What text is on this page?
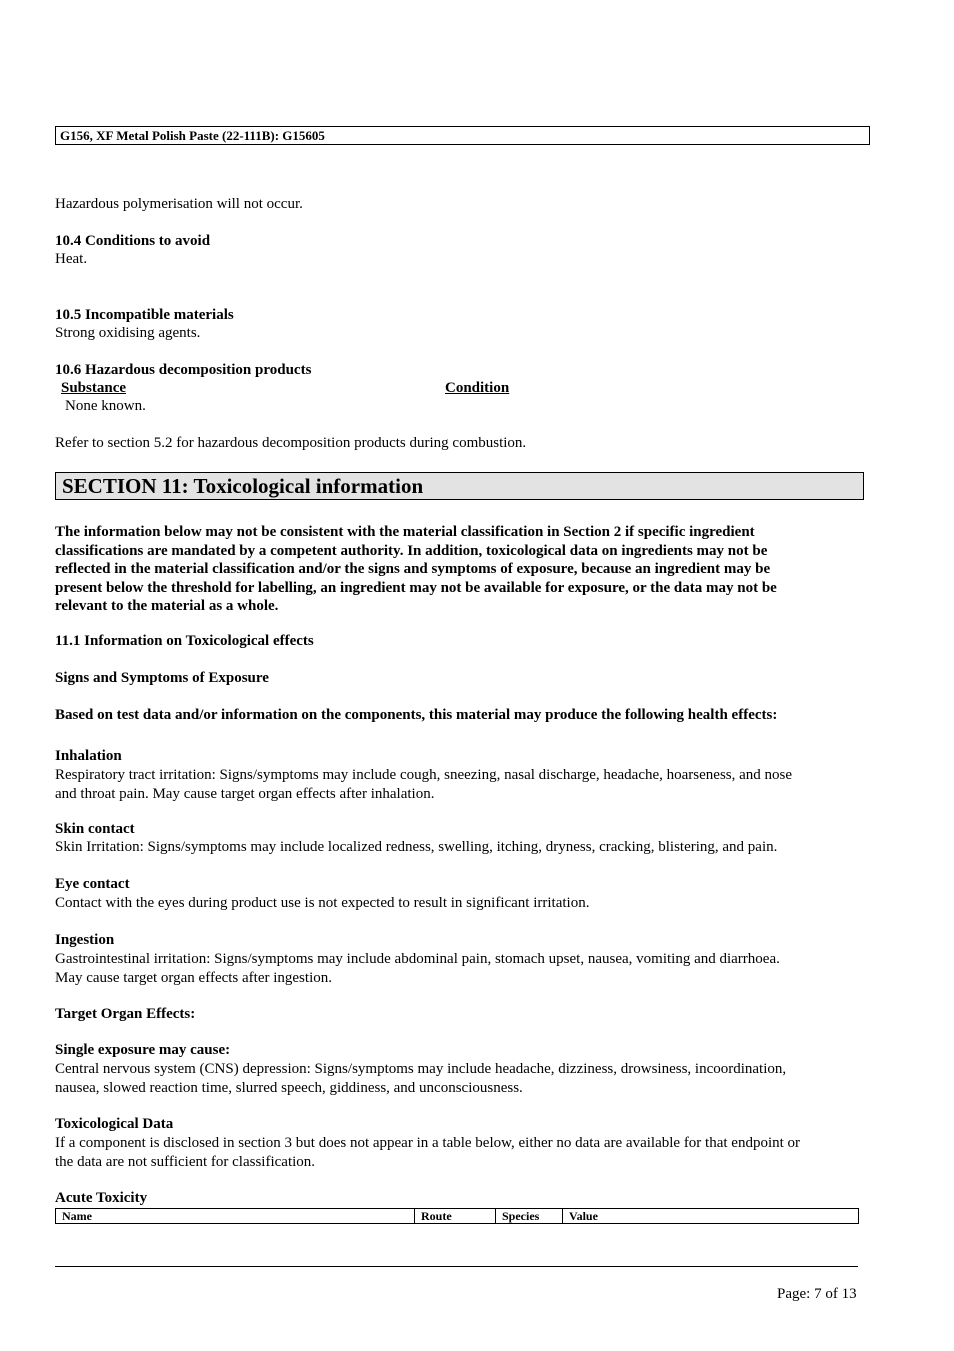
G156, XF Metal Polish Paste (22-111B): G15605
Hazardous polymerisation will not occur.
10.4 Conditions to avoid
Heat.
10.5 Incompatible materials
Strong oxidising agents.
10.6 Hazardous decomposition products
Substance	Condition
None known.
Refer to section 5.2 for hazardous decomposition products during combustion.
SECTION 11: Toxicological information
The information below may not be consistent with the material classification in Section 2 if specific ingredient
classifications are mandated by a competent authority. In addition, toxicological data on ingredients may not be
reflected in the material classification and/or the signs and symptoms of exposure, because an ingredient may be
present below the threshold for labelling, an ingredient may not be available for exposure, or the data may not be
relevant to the material as a whole.
11.1 Information on Toxicological effects
Signs and Symptoms of Exposure
Based on test data and/or information on the components, this material may produce the following health effects:
Inhalation
Respiratory tract irritation: Signs/symptoms may include cough, sneezing, nasal discharge, headache, hoarseness, and nose
and throat pain. May cause target organ effects after inhalation.
Skin contact
Skin Irritation: Signs/symptoms may include localized redness, swelling, itching, dryness, cracking, blistering, and pain.
Eye contact
Contact with the eyes during product use is not expected to result in significant irritation.
Ingestion
Gastrointestinal irritation: Signs/symptoms may include abdominal pain, stomach upset, nausea, vomiting and diarrhoea.
May cause target organ effects after ingestion.
Target Organ Effects:
Single exposure may cause:
Central nervous system (CNS) depression: Signs/symptoms may include headache, dizziness, drowsiness, incoordination,
nausea, slowed reaction time, slurred speech, giddiness, and unconsciousness.
Toxicological Data
If a component is disclosed in section 3 but does not appear in a table below, either no data are available for that endpoint or
the data are not sufficient for classification.
Acute Toxicity
Name	Route	Species	Value
Page: 7 of 13
